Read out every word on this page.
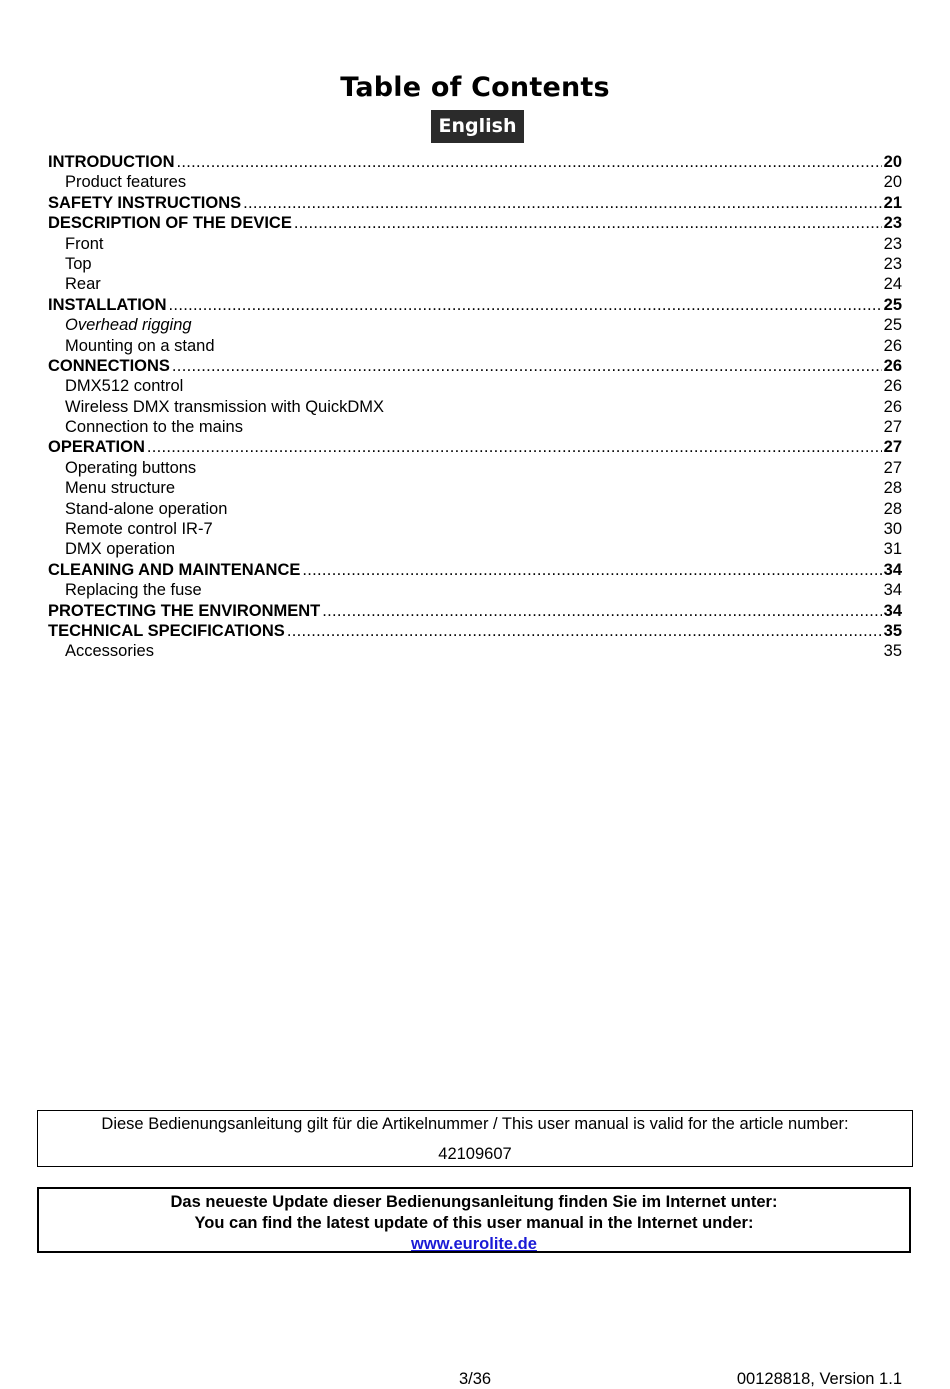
Table of Contents
English
INTRODUCTION .....	20
Product features	20
SAFETY INSTRUCTIONS .....	21
DESCRIPTION OF THE DEVICE .....	23
Front	23
Top	23
Rear	24
INSTALLATION .....	25
Overhead rigging	25
Mounting on a stand	26
CONNECTIONS .....	26
DMX512 control	26
Wireless DMX transmission with QuickDMX	26
Connection to the mains	27
OPERATION .....	27
Operating buttons	27
Menu structure	28
Stand-alone operation	28
Remote control IR-7	30
DMX operation	31
CLEANING AND MAINTENANCE .....	34
Replacing the fuse	34
PROTECTING THE ENVIRONMENT .....	34
TECHNICAL SPECIFICATIONS .....	35
Accessories	35
Diese Bedienungsanleitung gilt für die Artikelnummer / This user manual is valid for the article number:
42109607
Das neueste Update dieser Bedienungsanleitung finden Sie im Internet unter:
You can find the latest update of this user manual in the Internet under:
www.eurolite.de
3/36	00128818, Version 1.1
